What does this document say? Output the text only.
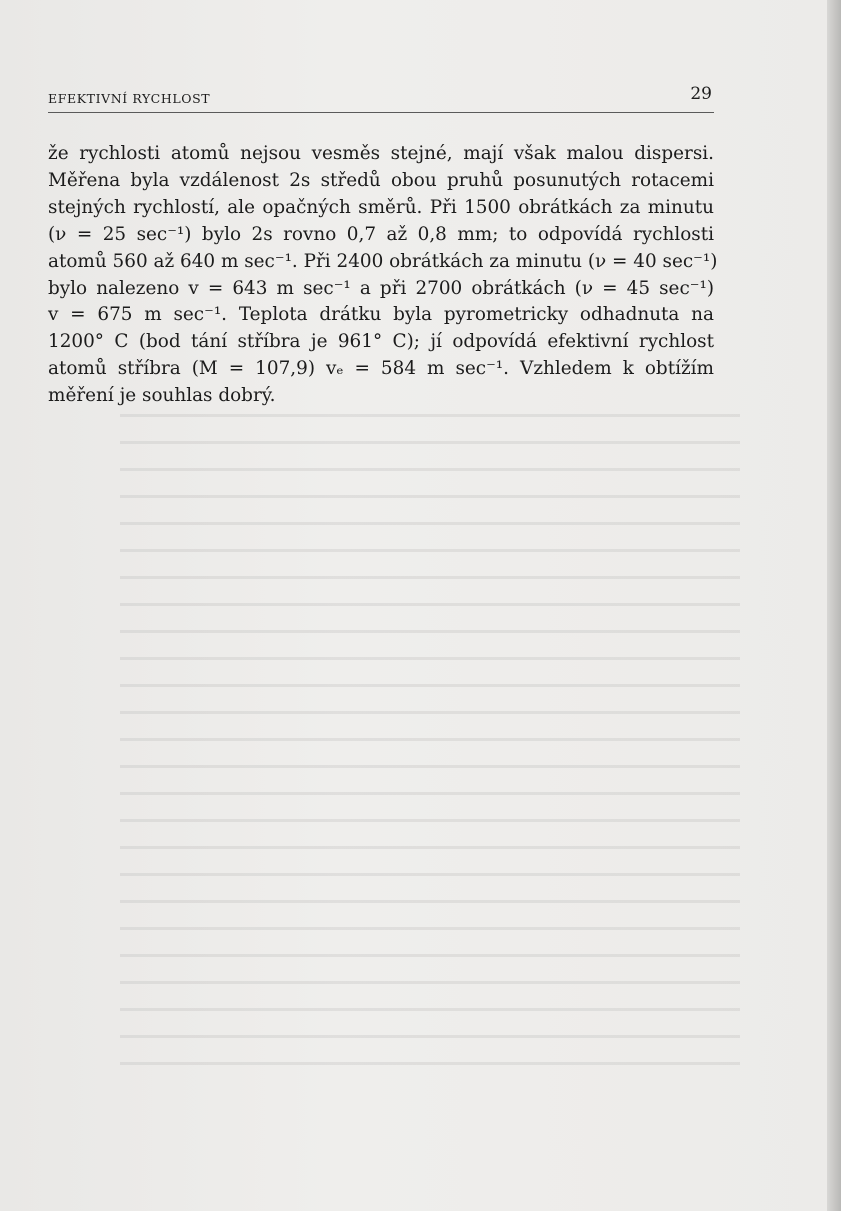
EFEKTIVNÍ RYCHLOST	29
že rychlosti atomů nejsou vesměs stejné, mají však malou dispersi.
Měřena byla vzdálenost 2s středů obou pruhů posunutých rotacemi
stejných rychlostí, ale opačných směrů. Při 1500 obrátkách za minutu
(ν = 25 sec⁻¹) bylo 2s rovno 0,7 až 0,8 mm; to odpovídá rychlosti
atomů 560 až 640 m sec⁻¹. Při 2400 obrátkách za minutu (ν = 40 sec⁻¹)
bylo nalezeno v = 643 m sec⁻¹ a při 2700 obrátkách (ν = 45 sec⁻¹)
v = 675 m sec⁻¹. Teplota drátku byla pyrometricky odhadnuta na
1200° C (bod tání stříbra je 961° C); jí odpovídá efektivní rychlost
atomů stříbra (M = 107,9) vₑ = 584 m sec⁻¹. Vzhledem k obtížím
měření je souhlas dobrý.
